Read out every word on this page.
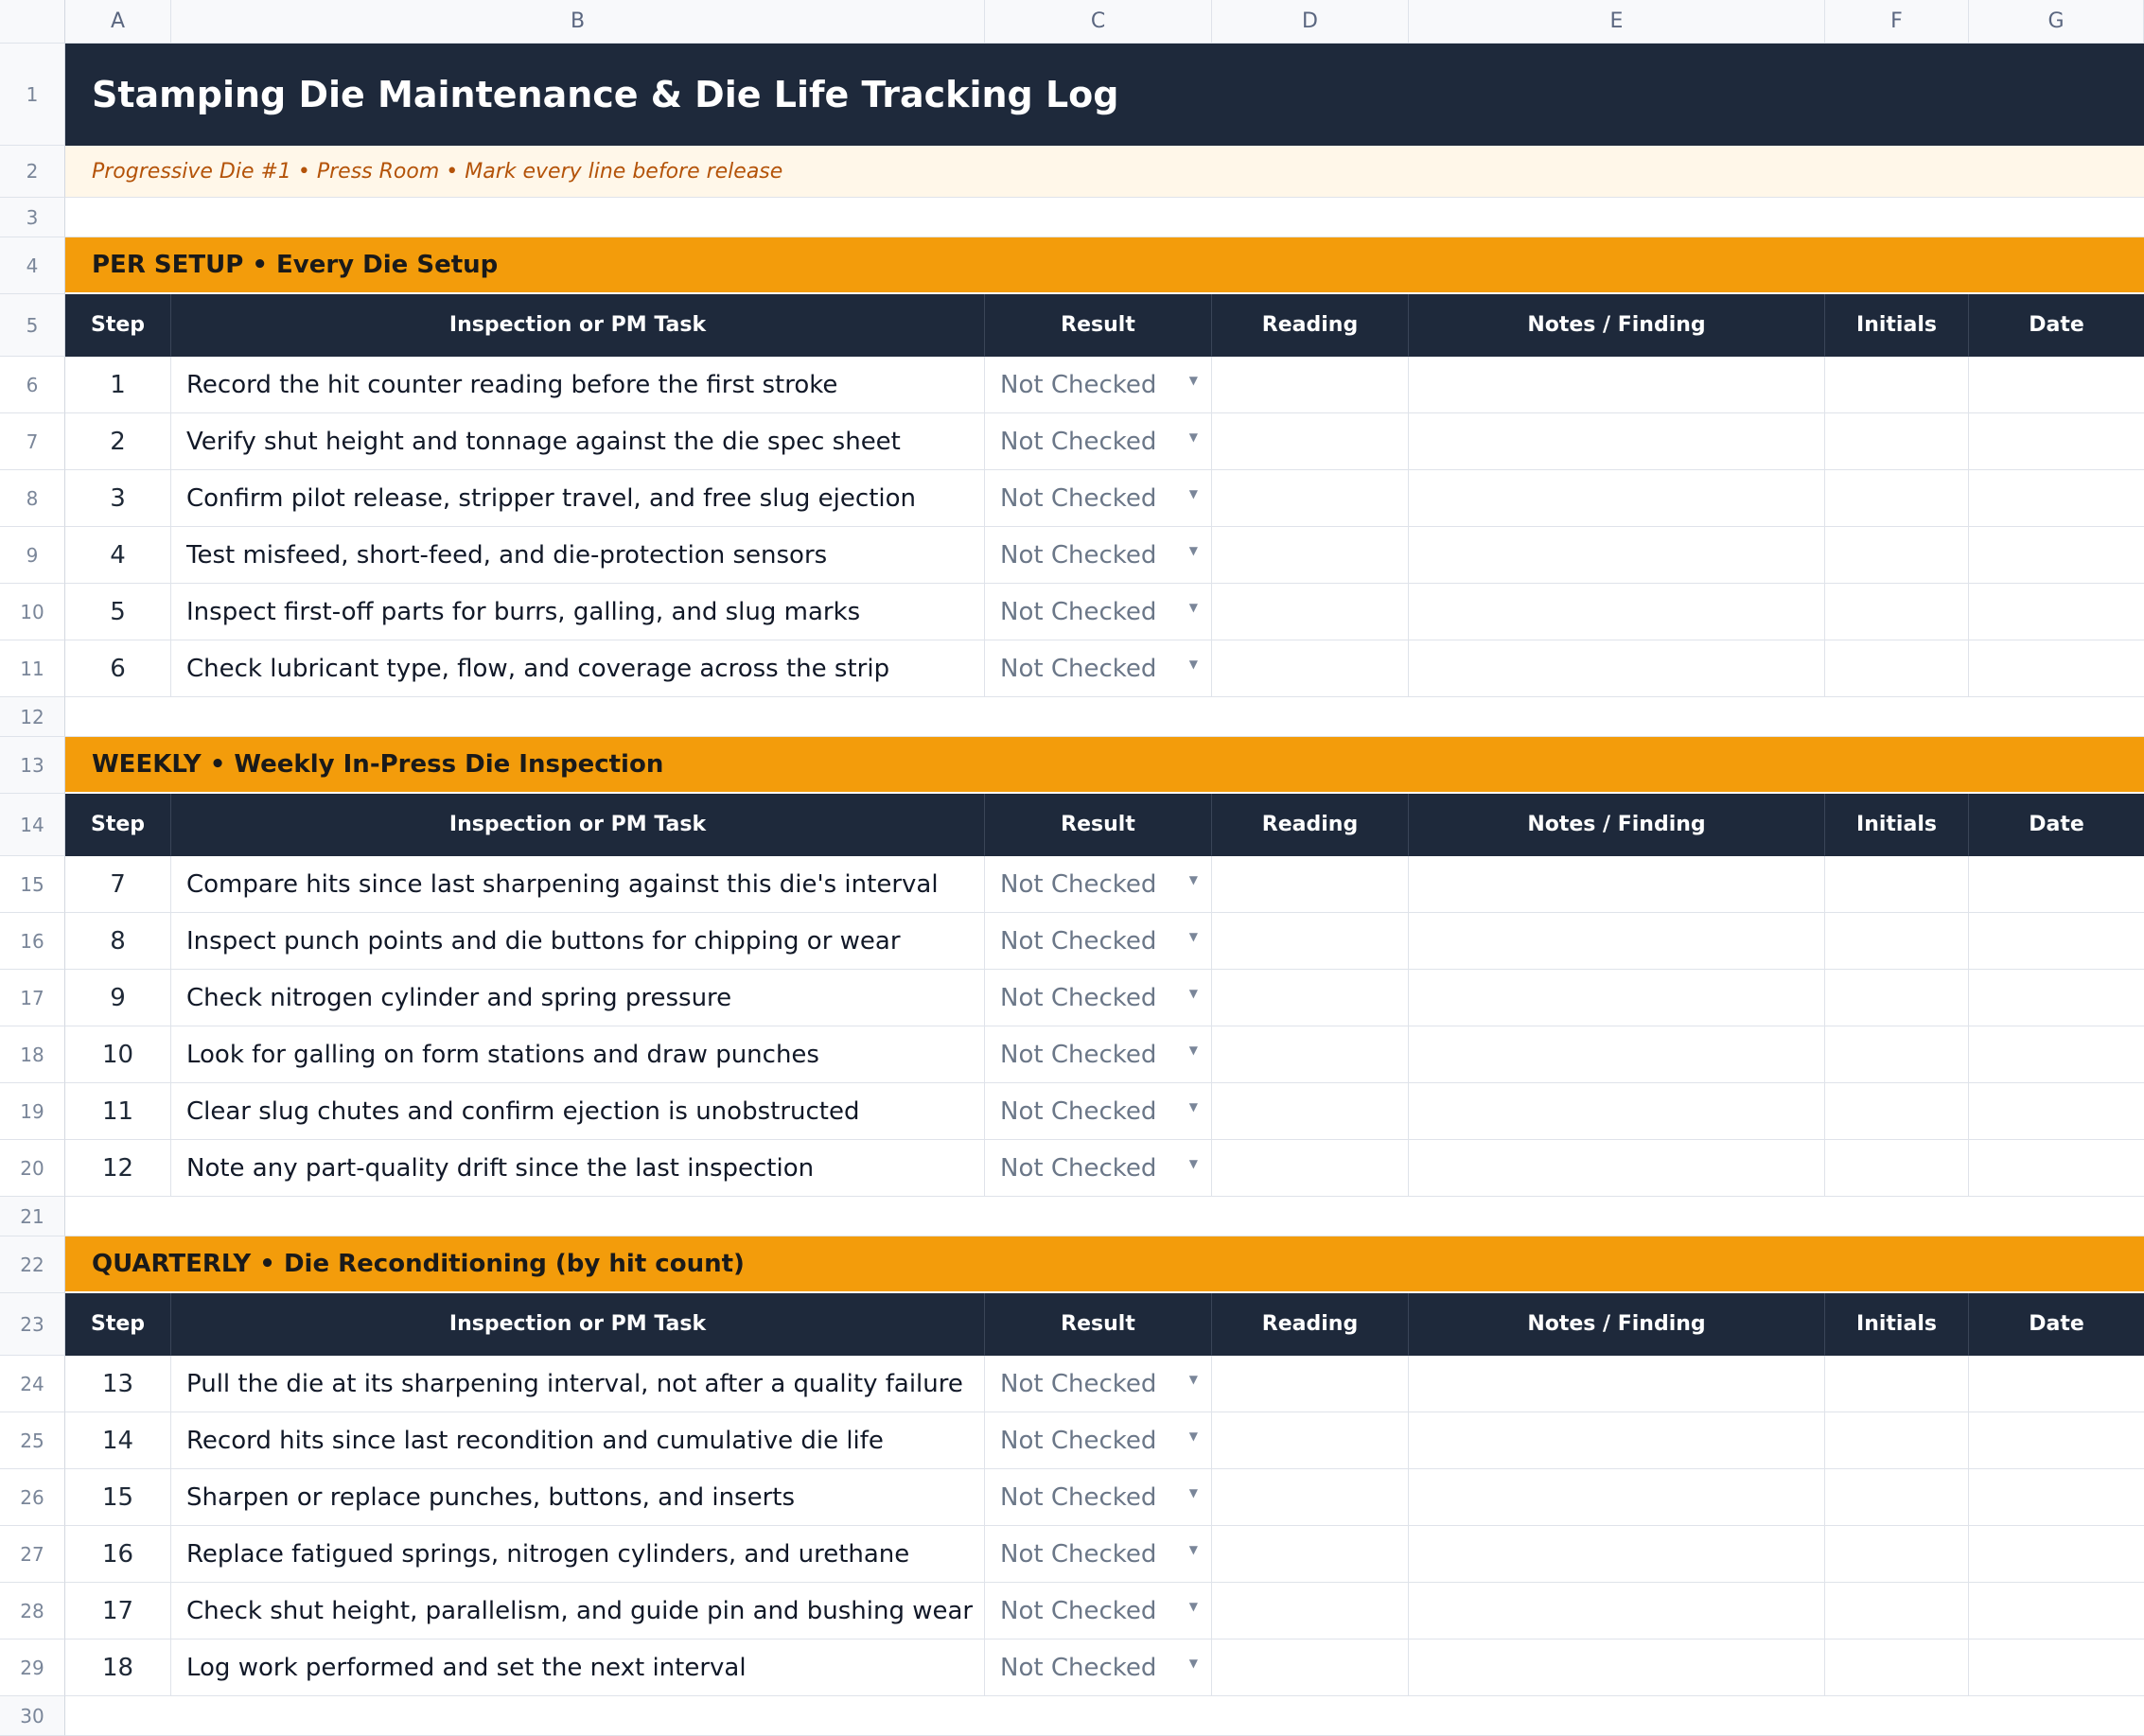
A	B	C	D	E	F	G
1	Stamping Die Maintenance & Die Life Tracking Log
2	Progressive Die #1 • Press Room • Mark every line before release
3
4	PER SETUP • Every Die Setup
5	Step	Inspection or PM Task	Result	Reading	Notes / Finding	Initials	Date
6	1	Record the hit counter reading before the first stroke	Not Checked	▼
7	2	Verify shut height and tonnage against the die spec sheet	Not Checked	▼
8	3	Confirm pilot release, stripper travel, and free slug ejection	Not Checked	▼
9	4	Test misfeed, short-feed, and die-protection sensors	Not Checked	▼
10	5	Inspect first-off parts for burrs, galling, and slug marks	Not Checked	▼
11	6	Check lubricant type, flow, and coverage across the strip	Not Checked	▼
12
13	WEEKLY • Weekly In-Press Die Inspection
14	Step	Inspection or PM Task	Result	Reading	Notes / Finding	Initials	Date
15	7	Compare hits since last sharpening against this die's interval	Not Checked	▼
16	8	Inspect punch points and die buttons for chipping or wear	Not Checked	▼
17	9	Check nitrogen cylinder and spring pressure	Not Checked	▼
18	10	Look for galling on form stations and draw punches	Not Checked	▼
19	11	Clear slug chutes and confirm ejection is unobstructed	Not Checked	▼
20	12	Note any part-quality drift since the last inspection	Not Checked	▼
21
22	QUARTERLY • Die Reconditioning (by hit count)
23	Step	Inspection or PM Task	Result	Reading	Notes / Finding	Initials	Date
24	13	Pull the die at its sharpening interval, not after a quality failure	Not Checked	▼
25	14	Record hits since last recondition and cumulative die life	Not Checked	▼
26	15	Sharpen or replace punches, buttons, and inserts	Not Checked	▼
27	16	Replace fatigued springs, nitrogen cylinders, and urethane	Not Checked	▼
28	17	Check shut height, parallelism, and guide pin and bushing wear	Not Checked	▼
29	18	Log work performed and set the next interval	Not Checked	▼
30
